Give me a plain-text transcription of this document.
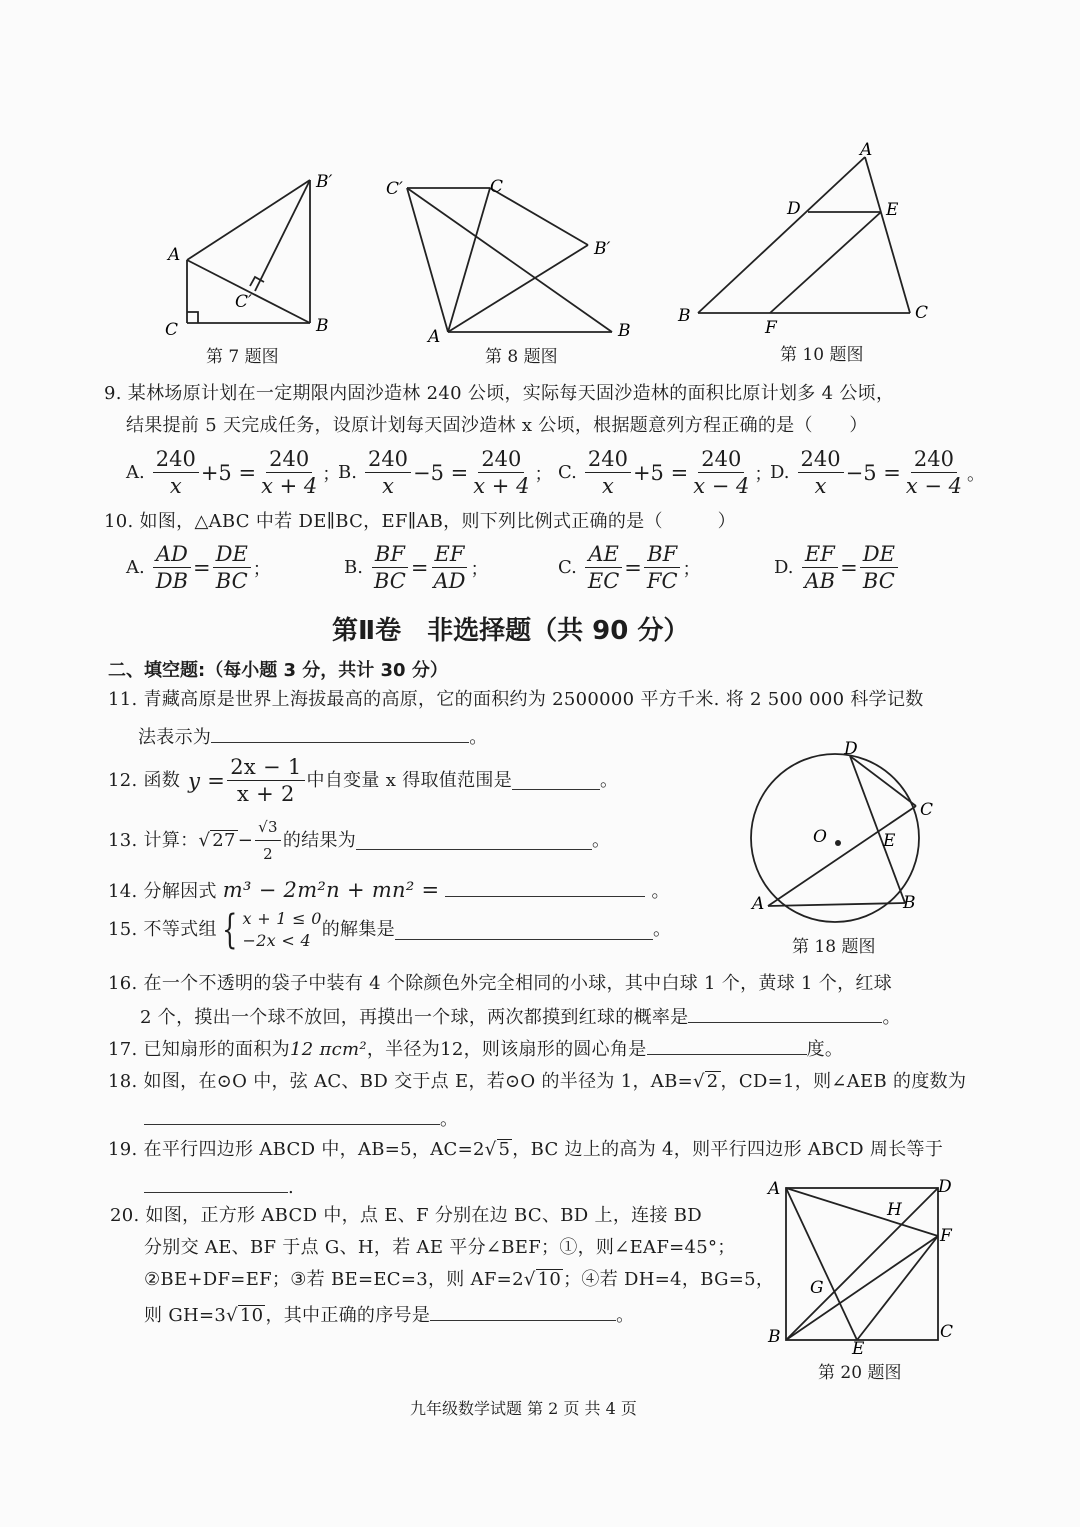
A
C	B
B′
C′
第 7 题图
C′	C
B′
A	B
第 8 题图
A
D	E
B
F
C
第 10 题图
9. 某林场原计划在一定期限内固沙造林 240 公顷，实际每天固沙造林的面积比原计划多 4 公顷，
结果提前 5 天完成任务，设原计划每天固沙造林 x 公顷，根据题意列方程正确的是（　　）
A. $\frac{240}{x} +5 = \frac{240}{x + 4}$ ；
B. $\frac{240}{x} -5 = \frac{240}{x + 4}$ ； C. $\frac{240}{x} +5 = \frac{240}{x - 4}$ ；
D. $\frac{240}{x} -5 = \frac{240}{x - 4}$ 。
10. 如图，△ABC 中若 DE∥BC，EF∥AB，则下列比例式正确的是（　　　）
A. $\frac{AD}{DB} = \frac{DE}{BC}$ ；	B. $\frac{BF}{BC} = \frac{EF}{AD}$ ；	C. $\frac{AE}{EC} = \frac{BF}{FC}$ ；	D. $\frac{EF}{AB} = \frac{DE}{BC}$
第Ⅱ卷　非选择题（共 90 分）
二、填空题:（每小题 3 分，共计 30 分）
11. 青藏高原是世界上海拔最高的高原，它的面积约为 2500000 平方千米. 将 2 500 000 科学记数
法表示为	。
12. 函数 $y = \frac{2x - 1}{x + 2}$ 中自变量 x 得取值范围是	。
13. 计算： √ $27 - \frac{√3}{2}$ 的结果为	。
14. 分解因式 m³ − 2m²n + mn² =	。
15. 不等式组 { x + 1 ≤ 0
−2x < 4
的解集是	。
D
C
O	E
A	B
第 18 题图
16. 在一个不透明的袋子中装有 4 个除颜色外完全相同的小球，其中白球 1 个，黄球 1 个，红球
2 个，摸出一个球不放回，再摸出一个球，两次都摸到红球的概率是	。
17. 已知扇形的面积为12 πcm²，半径为12，则该扇形的圆心角是	度。
18. 如图，在⊙O 中，弦 AC、BD 交于点 E，若⊙O 的半径为 1，AB=√ 2 ，CD=1，则∠AEB 的度数为
。
19. 在平行四边形 ABCD 中，AB=5，AC=2√ 5 ，BC 边上的高为 4，则平行四边形 ABCD 周长等于
.
20. 如图，正方形 ABCD 中，点 E、F 分别在边 BC、BD 上，连接 BD
分别交 AE、BF 于点 G、H，若 AE 平分∠BEF；①，则∠EAF=45°；
②BE+DF=EF；③若 BE=EC=3，则 AF=2√ 10 ；④若 DH=4，BG=5，
则 GH=3√ 10 ，其中正确的序号是	。
A	D
H
F
G
B
E
C
第 20 题图
九年级数学试题 第 2 页 共 4 页
